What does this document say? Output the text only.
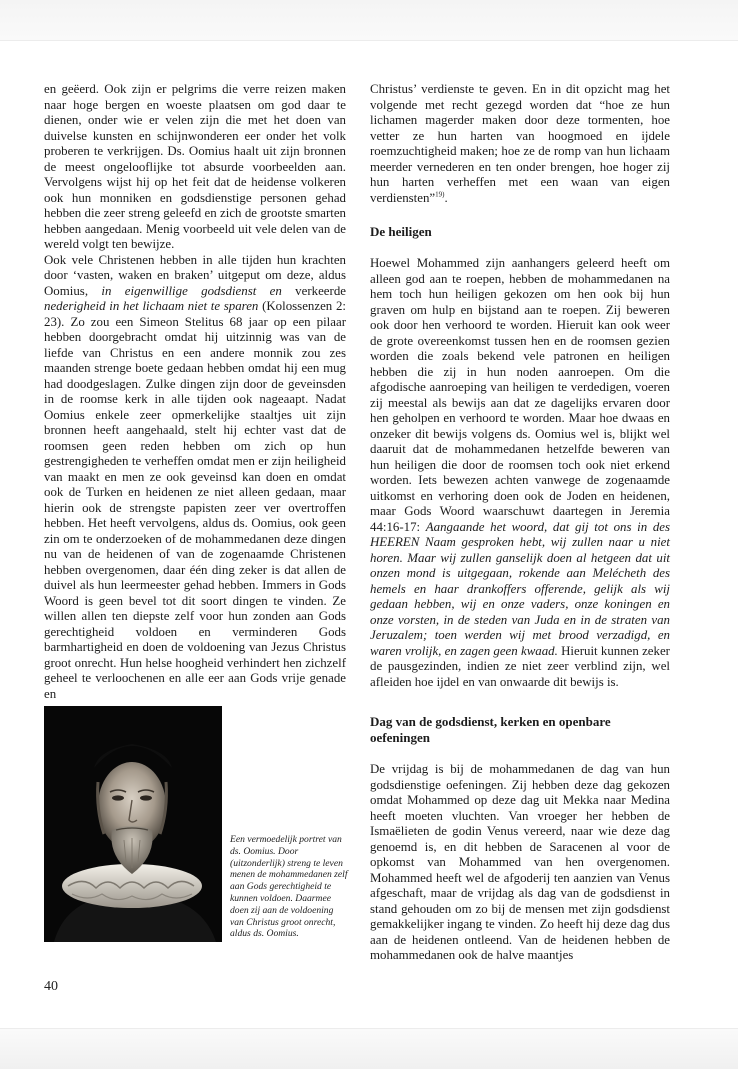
en geëerd. Ook zijn er pelgrims die verre reizen maken naar hoge bergen en woeste plaatsen om god daar te dienen, onder wie er velen zijn die met het doen van duivelse kunsten en schijnwonderen eer onder het volk proberen te verkrijgen. Ds. Oomius haalt uit zijn bronnen de meest ongelooflijke tot absurde voorbeelden aan. Vervolgens wijst hij op het feit dat de heidense volkeren ook hun monniken en godsdienstige personen gehad hebben die zeer streng geleefd en zich de grootste smarten hebben aangedaan. Menig voorbeeld uit vele delen van de wereld volgt ten bewijze.

Ook vele Christenen hebben in alle tijden hun krachten door ‘vasten, waken en braken’ uitgeput om deze, aldus Oomius, in eigenwillige godsdienst en verkeerde nederigheid in het lichaam niet te sparen (Kolossenzen 2: 23). Zo zou een Simeon Stelitus 68 jaar op een pilaar hebben doorgebracht omdat hij uitzinnig was van de liefde van Christus en een andere monnik zou zes maanden strenge boete gedaan hebben omdat hij een mug had doodgeslagen. Zulke dingen zijn door de geveinsden in de roomse kerk in alle tijden ook nageaapt. Nadat Oomius enkele zeer opmerkelijke staaltjes uit zijn bronnen heeft aangehaald, stelt hij echter vast dat de roomsen geen reden hebben om zich op hun gestrengigheden te verheffen omdat men er zijn heiligheid van maakt en men ze ook geveinsd kan doen en omdat ook de Turken en heidenen ze niet alleen gedaan, maar hierin ook de strengste papisten zeer ver overtroffen hebben. Het heeft vervolgens, aldus ds. Oomius, ook geen zin om te onderzoeken of de mohammedanen deze dingen nu van de heidenen of van de zogenaamde Christenen hebben overgenomen, daar één ding zeker is dat allen de duivel als hun leermeester gehad hebben. Immers in Gods Woord is geen bevel tot dit soort dingen te vinden. Ze willen allen ten diepste zelf voor hun zonden aan Gods gerechtigheid voldoen en verminderen Gods barmhartigheid en doen de voldoening van Jezus Christus groot onrecht. Hun helse hoogheid verhindert hen zichzelf geheel te verloochenen en alle eer aan Gods vrije genade en

Een vermoedelijk portret van ds. Oomius. Door (uitzonderlijk) streng te leven menen de mohammedanen zelf aan Gods gerechtigheid te kunnen voldoen. Daarmee doen zij aan de voldoening van Christus groot onrecht, aldus ds. Oomius.

Christus’ verdienste te geven. En in dit opzicht mag het volgende met recht gezegd worden dat “hoe ze hun lichamen magerder maken door deze tormenten, hoe vetter ze hun harten van hoogmoed en ijdele roemzuchtigheid maken; hoe ze de romp van hun lichaam meerder vernederen en ten onder brengen, hoe hoger zij hun harten verheffen met een waan van eigen verdiensten”$^{19)}$.

De heiligen

Hoewel Mohammed zijn aanhangers geleerd heeft om alleen god aan te roepen, hebben de mohammedanen na hem toch hun heiligen gekozen om hen ook bij hun graven om hulp en bijstand aan te roepen. Zij beweren ook door hen verhoord te worden. Hieruit kan ook weer de grote overeenkomst tussen hen en de roomsen gezien worden die zoals bekend vele patronen en heiligen hebben die zij in hun noden aanroepen. Om die afgodische aanroeping van heiligen te verdedigen, voeren zij meestal als bewijs aan dat ze dagelijks ervaren door hen geholpen en verhoord te worden. Maar hoe dwaas en onzeker dit bewijs volgens ds. Oomius wel is, blijkt wel daaruit dat de mohammedanen hetzelfde beweren van hun heiligen die door de roomsen toch ook niet erkend worden. Iets bewezen achten vanwege de zogenaamde uitkomst en verhoring doen ook de Joden en heidenen, maar Gods Woord waarschuwt daartegen in Jeremia 44:16-17: Aangaande het woord, dat gij tot ons in des HEEREN Naam gesproken hebt, wij zullen naar u niet horen. Maar wij zullen ganselijk doen al hetgeen dat uit onzen mond is uitgegaan, rokende aan Melécheth des hemels en haar drankoffers offerende, gelijk als wij gedaan hebben, wij en onze vaders, onze koningen en onze vorsten, in de steden van Juda en in de straten van Jeruzalem; toen werden wij met brood verzadigd, en waren vrolijk, en zagen geen kwaad. Hieruit kunnen zeker de pausgezinden, indien ze niet zeer verblind zijn, wel afleiden hoe ijdel en van onwaarde dit bewijs is.

Dag van de godsdienst, kerken en openbare oefeningen

De vrijdag is bij de mohammedanen de dag van hun godsdienstige oefeningen. Zij hebben deze dag gekozen omdat Mohammed op deze dag uit Mekka naar Medina heeft moeten vluchten. Van vroeger her hebben de Ismaëlieten de godin Venus vereerd, naar wie deze dag genoemd is, en dit hebben de Saracenen al voor de opkomst van Mohammed van hen overgenomen. Mohammed heeft wel de afgoderij ten aanzien van Venus afgeschaft, maar de vrijdag als dag van de godsdienst in stand gehouden om zo bij de mensen met zijn godsdienst gemakkelijker ingang te vinden. Zo heeft hij deze dag dus aan de heidenen ontleend. Van de heidenen hebben de mohammedanen ook de halve maantjes

40
